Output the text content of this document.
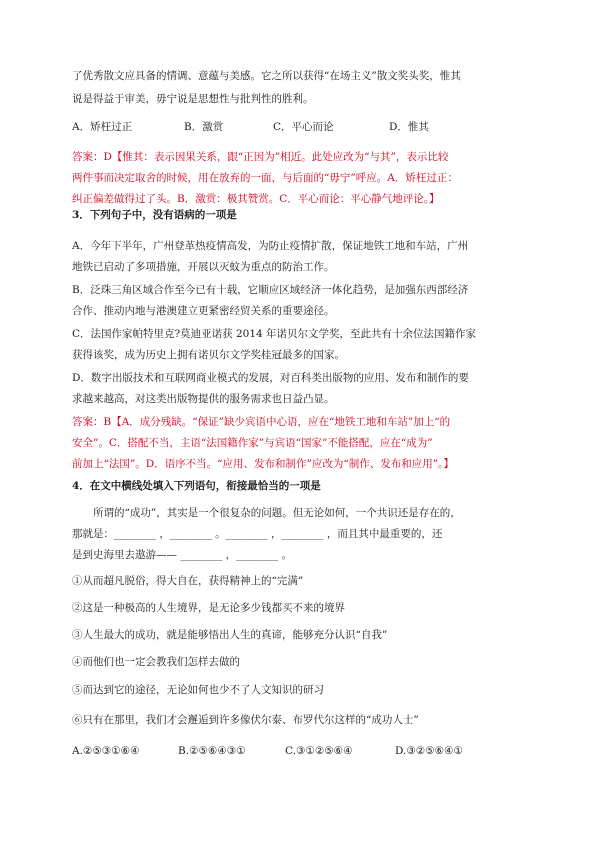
了优秀散文应具备的情调、意蕴与美感。它之所以获得“在场主义”散文奖头奖，惟其

说是得益于审美，毋宁说是思想性与批判性的胜利。

A．矫枉过正	B．激赏	C．平心而论	D．惟其

答案：D【惟其：表示因果关系，跟“正因为”相近。此处应改为“与其”，表示比较

两件事而决定取舍的时候，用在放弃的一面，与后面的“毋宁”呼应。A．矫枉过正：

纠正偏差做得过了头。B．激赏：极其赞赏。C．平心而论：平心静气地评论。】

3．下列句子中，没有语病的一项是

A．今年下半年，广州登革热疫情高发，为防止疫情扩散，保证地铁工地和车站，广州

地铁已启动了多项措施，开展以灭蚊为重点的防治工作。

B．泛珠三角区域合作至今已有十载，它顺应区域经济一体化趋势，是加强东西部经济

合作、推动内地与港澳建立更紧密经贸关系的重要途径。

C．法国作家帕特里克?莫迪亚诺获 2014 年诺贝尔文学奖，至此共有十余位法国籍作家

获得该奖，成为历史上拥有诺贝尔文学奖桂冠最多的国家。

D．数字出版技术和互联网商业模式的发展，对百科类出版物的应用、发布和制作的要

求越来越高，对这类出版物提供的服务需求也日益凸显。

答案：B【A．成分残缺。“保证”缺少宾语中心语，应在“地铁工地和车站”加上“的

安全”。C．搭配不当，主语“法国籍作家”与宾语“国家”不能搭配，应在“成为”

前加上“法国”。D．语序不当。“应用、发布和制作”应改为“制作、发布和应用”。】

4．在文中横线处填入下列语句，衔接最恰当的一项是

所谓的“成功”，其实是一个很复杂的问题。但无论如何，一个共识还是存在的，

那就是：________ ，________ 。________ ，________ ，而且其中最重要的，还

是到史海里去遨游—— ________ ，________ 。

①从而超凡脱俗，得大自在，获得精神上的“完满”

②这是一种极高的人生境界，是无论多少钱都买不来的境界

③人生最大的成功，就是能够悟出人生的真谛，能够充分认识“自我”

④而他们也一定会教我们怎样去做的

⑤而达到它的途径，无论如何也少不了人文知识的研习

⑥只有在那里，我们才会邂逅到许多像伏尔泰、布罗代尔这样的“成功人士”

A.②⑤③①⑥④	B.②⑤⑥④③①	C.③①②⑤⑥④	D.③②⑤⑥④①
